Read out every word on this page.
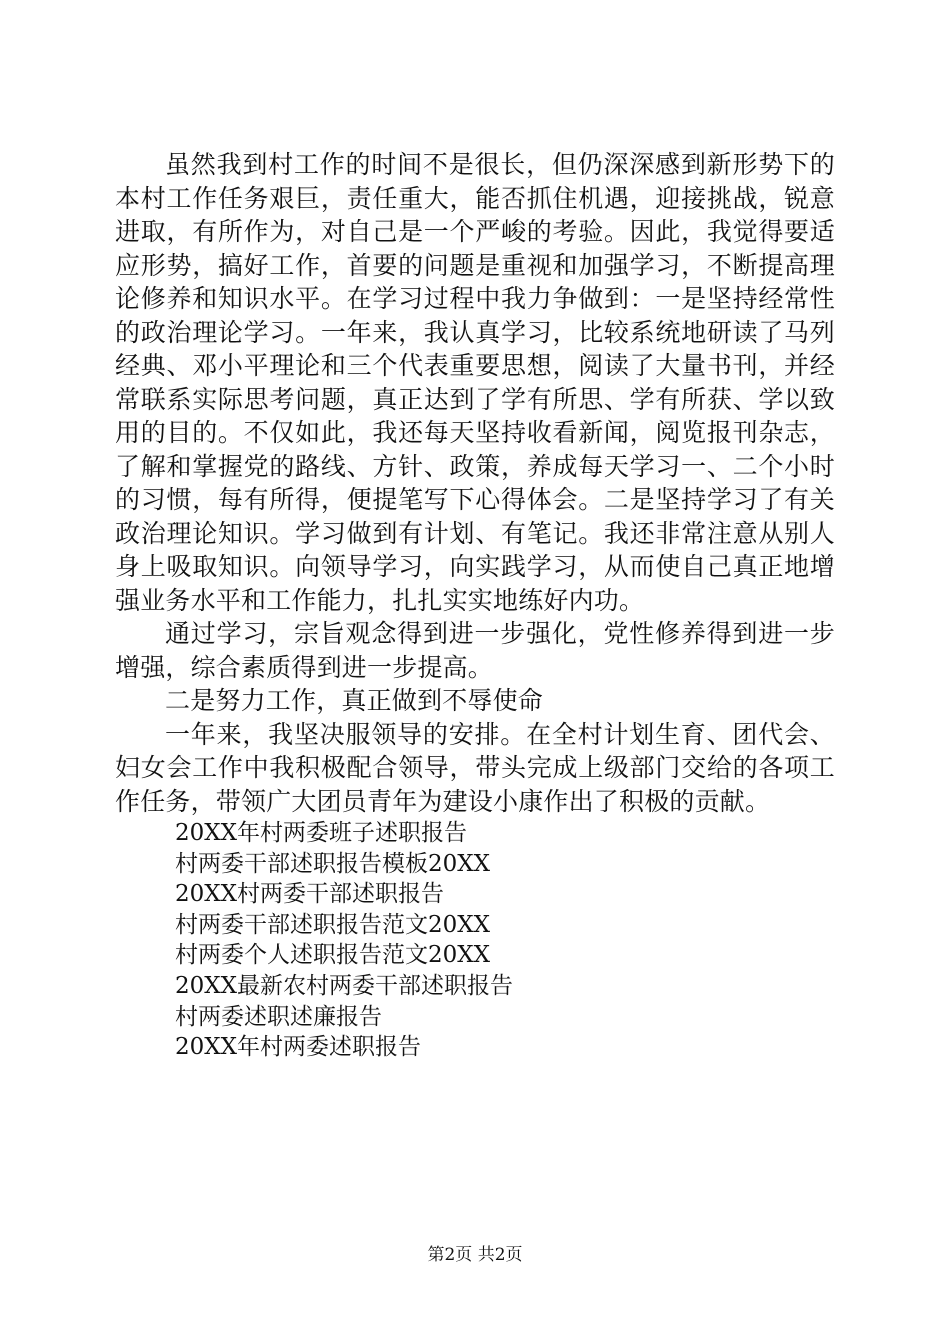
虽然我到村工作的时间不是很长，但仍深深感到新形势下的本村工作任务艰巨，责任重大，能否抓住机遇，迎接挑战，锐意进取，有所作为，对自己是一个严峻的考验。因此，我觉得要适应形势，搞好工作，首要的问题是重视和加强学习，不断提高理论修养和知识水平。在学习过程中我力争做到：一是坚持经常性的政治理论学习。一年来，我认真学习，比较系统地研读了马列经典、邓小平理论和三个代表重要思想，阅读了大量书刊，并经常联系实际思考问题，真正达到了学有所思、学有所获、学以致用的目的。不仅如此，我还每天坚持收看新闻，阅览报刊杂志，了解和掌握党的路线、方针、政策，养成每天学习一、二个小时的习惯，每有所得，便提笔写下心得体会。二是坚持学习了有关政治理论知识。学习做到有计划、有笔记。我还非常注意从别人身上吸取知识。向领导学习，向实践学习，从而使自己真正地增强业务水平和工作能力，扎扎实实地练好内功。

通过学习，宗旨观念得到进一步强化，党性修养得到进一步增强，综合素质得到进一步提高。

二是努力工作，真正做到不辱使命

一年来，我坚决服领导的安排。在全村计划生育、团代会、妇女会工作中我积极配合领导，带头完成上级部门交给的各项工作任务，带领广大团员青年为建设小康作出了积极的贡献。

20XX年村两委班子述职报告
村两委干部述职报告模板20XX
20XX村两委干部述职报告
村两委干部述职报告范文20XX
村两委个人述职报告范文20XX
20XX最新农村两委干部述职报告
村两委述职述廉报告
20XX年村两委述职报告
第2页 共2页
